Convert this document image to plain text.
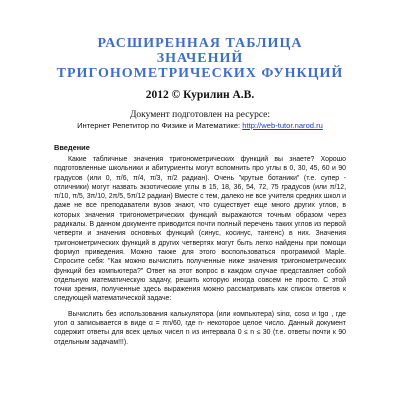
РАСШИРЕННАЯ ТАБЛИЦА ЗНАЧЕНИЙ
ТРИГОНОМЕТРИЧЕСКИХ ФУНКЦИЙ
2012 © Курилин А.В.
Документ подготовлен на ресурсе:
Интернет Репетитор по Физике и Математике: http://web-tutor.narod.ru
Введение

Какие табличные значения тригонометрических функций вы знаете? Хорошо подготовленные школьники и абитуриенты могут вспомнить про углы в 0, 30, 45, 60 и 90 градусов (или 0, π/6, π/4, π/3, π/2 радиан). Очень "крутые ботаники" (т.е. супер - отличники) могут назвать экзотические углы в 15, 18, 36, 54, 72, 75 градусов (или π/12, π/10, π/5, 3π/10, 2π/5, 5π/12 радиан) Вместе с тем, далеко не все учителя средних школ и даже не все преподаватели вузов знают, что существует еще много других углов, в которых значения тригонометрических функций выражаются точным образом через радикалы. В данном документе приводится почти полный перечень таких углов из первой четверти и значения основных функций (синус, косинус, тангенс) в них. Значения тригонометрических функций в других четвертях могут быть легко найдены при помощи формул приведения. Можно также для этого воспользоваться программой Maple. Спросите себя: "Как можно вычислить полученные ниже значения тригонометрических функций без компьютера?" Ответ на этот вопрос в каждом случае представляет собой отдельную математическую задачу, решить которую иногда совсем не просто. С этой точки зрения, полученные здесь выражения можно рассматривать как список ответов к следующей математической задаче:

Вычислить без использования калькулятора (или компьютера) sinα, cosα и tgα , где угол α записывается в виде α = πn/60, где n- некоторое целое число. Данный документ содержит ответы для всех целых чисел n из интервала 0 ≤ n ≤ 30 (т.е. ответы почти к 90 отдельным задачам!!!).
